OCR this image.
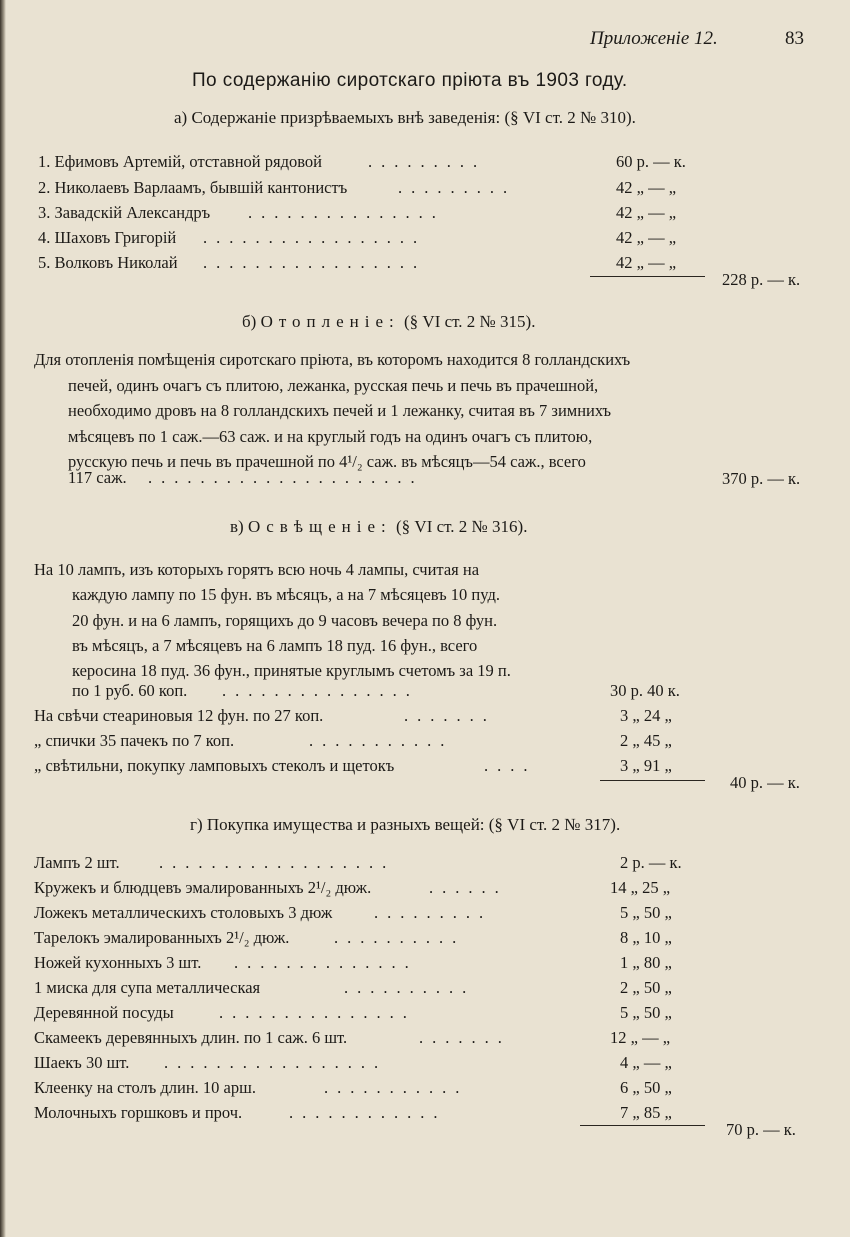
Приложенiе 12.	83
По содержанiю сиротскаго прiюта въ 1903 году.
а) Содержанiе призрѣваемыхъ внѣ заведенiя: (§ VI ст. 2 № 310).
1. Ефимовъ Артемiй, отставной рядовой	.........	60 р. — к.
2. Николаевъ Варлаамъ, бывшiй кантонистъ	.........	42 „ — „
3. Завадскiй Александръ ...............	42 „ — „
4. Шаховъ Григорiй .................	42 „ — „
5. Волковъ Николай .................	42 „ — „
228 р. — к.
б) Отопленiе: (§ VI ст. 2 № 315).
Для отопленiя помѣщенiя сиротскаго прiюта, въ которомъ находится 8 голландскихъ
печей, одинъ очагъ съ плитою, лежанка, русская печь и печь въ прачешной,
необходимо дровъ на 8 голландскихъ печей и 1 лежанку, считая въ 7 зимнихъ
мѣсяцевъ по 1 саж.—63 саж. и на круглый годъ на одинъ очагъ съ плитою,
русскую печь и печь въ прачешной по 4¹/₂ саж. въ мѣсяцъ—54 саж., всего
117 саж. .....................	370 р. — к.
в) Освѣщенiе: (§ VI ст. 2 № 316).
На 10 лампъ, изъ которыхъ горятъ всю ночь 4 лампы, считая на
каждую лампу по 15 фун. въ мѣсяцъ, а на 7 мѣсяцевъ 10 пуд.
20 фун. и на 6 лампъ, горящихъ до 9 часовъ вечера по 8 фун.
въ мѣсяцъ, а 7 мѣсяцевъ на 6 лампъ 18 пуд. 16 фун., всего
керосина 18 пуд. 36 фун., принятые круглымъ счетомъ за 19 п.
по 1 руб. 60 коп. ...............	30 р. 40 к.
На свѣчи стеариновыя 12 фун. по 27 коп.	.......	3 „ 24 „
„ спички 35 пачекъ по 7 коп.	...........	2 „ 45 „
„ свѣтильни, покупку ламповыхъ стеколъ и щетокъ	....	3 „ 91 „
40 р. — к.
г) Покупка имущества и разныхъ вещей: (§ VI ст. 2 № 317).
Лампъ 2 шт. ..................	2 р. — к.
Кружекъ и блюдцевъ эмалированныхъ 2¹/₂ дюж.	......	14 „ 25 „
Ложекъ металлическихъ столовыхъ 3 дюж	.........	5 „ 50 „
Тарелокъ эмалированныхъ 2¹/₂ дюж.	..........	8 „ 10 „
Ножей кухонныхъ 3 шт. ..............	1 „ 80 „
1 миска для супа металлическая	..........	2 „ 50 „
Деревянной посуды	...............	5 „ 50 „
Скамеекъ деревянныхъ длин. по 1 саж. 6 шт.	.......	12 „ — „
Шаекъ 30 шт. .................	4 „ — „
Клеенку на столъ длин. 10 арш.	...........	6 „ 50 „
Молочныхъ горшковъ и проч.	............	7 „ 85 „
70 р. — к.
